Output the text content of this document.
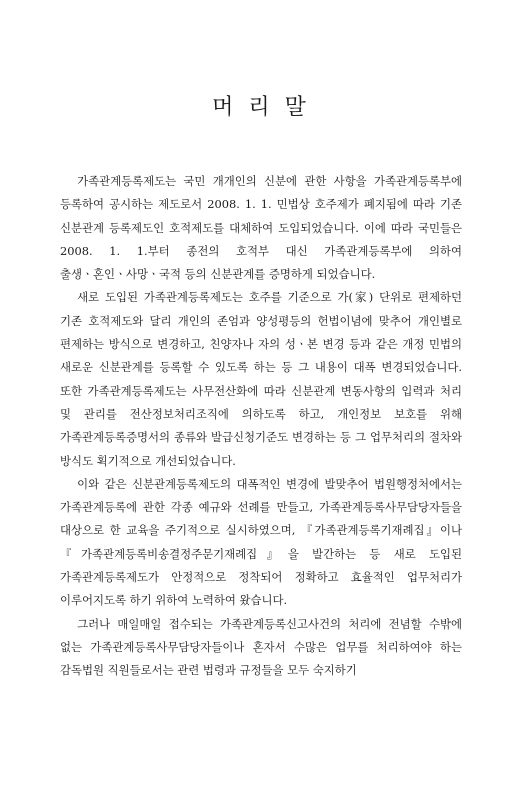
머 리 말

가족관계등록제도는 국민 개개인의 신분에 관한 사항을 가족관계등록부에 등록하여 공시하는 제도로서 2008. 1. 1. 민법상 호주제가 폐지됨에 따라 기존 신분관계 등록제도인 호적제도를 대체하여 도입되었습니다. 이에 따라 국민들은 2008. 1. 1.부터 종전의 호적부 대신 가족관계등록부에 의하여 출생ㆍ혼인ㆍ사망ㆍ국적 등의 신분관계를 증명하게 되었습니다.

새로 도입된 가족관계등록제도는 호주를 기준으로 가(家) 단위로 편제하던 기존 호적제도와 달리 개인의 존엄과 양성평등의 헌법이념에 맞추어 개인별로 편제하는 방식으로 변경하고, 친양자나 자의 성ㆍ본 변경 등과 같은 개정 민법의 새로운 신분관계를 등록할 수 있도록 하는 등 그 내용이 대폭 변경되었습니다. 또한 가족관계등록제도는 사무전산화에 따라 신분관계 변동사항의 입력과 처리 및 관리를 전산정보처리조직에 의하도록 하고, 개인정보 보호를 위해 가족관계등록증명서의 종류와 발급신청기준도 변경하는 등 그 업무처리의 절차와 방식도 획기적으로 개선되었습니다.

이와 같은 신분관계등록제도의 대폭적인 변경에 발맞추어 법원행정처에서는 가족관계등록에 관한 각종 예규와 선례를 만들고, 가족관계등록사무담당자들을 대상으로 한 교육을 주기적으로 실시하였으며, 『가족관계등록기재례집』이나 『가족관계등록비송결정주문기재례집』을 발간하는 등 새로 도입된 가족관계등록제도가 안정적으로 정착되어 정확하고 효율적인 업무처리가 이루어지도록 하기 위하여 노력하여 왔습니다.

그러나 매일매일 접수되는 가족관계등록신고사건의 처리에 전념할 수밖에 없는 가족관계등록사무담당자들이나 혼자서 수많은 업무를 처리하여야 하는 감독법원 직원들로서는 관련 법령과 규정들을 모두 숙지하기
